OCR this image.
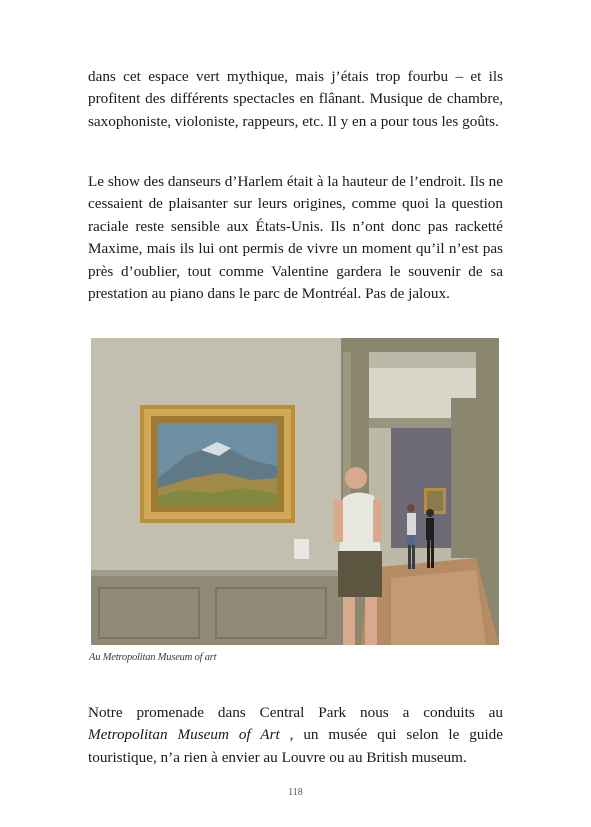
dans cet espace vert mythique, mais j’étais trop fourbu – et ils profitent des différents spectacles en flânant. Musique de chambre, saxophoniste, violoniste, rappeurs, etc. Il y en a pour tous les goûts.

Le show des danseurs d’Harlem était à la hauteur de l’endroit. Ils ne cessaient de plaisanter sur leurs origines, comme quoi la question raciale reste sensible aux États-Unis. Ils n’ont donc pas racketté Maxime, mais ils lui ont permis de vivre un moment qu’il n’est pas près d’oublier, tout comme Valentine gardera le souvenir de sa prestation au piano dans le parc de Montréal. Pas de jaloux.

Au Metropolitan Museum of art

Notre promenade dans Central Park nous a conduits au Metropolitan Museum of Art , un musée qui selon le guide touristique, n’a rien à envier au Louvre ou au British museum.

118
